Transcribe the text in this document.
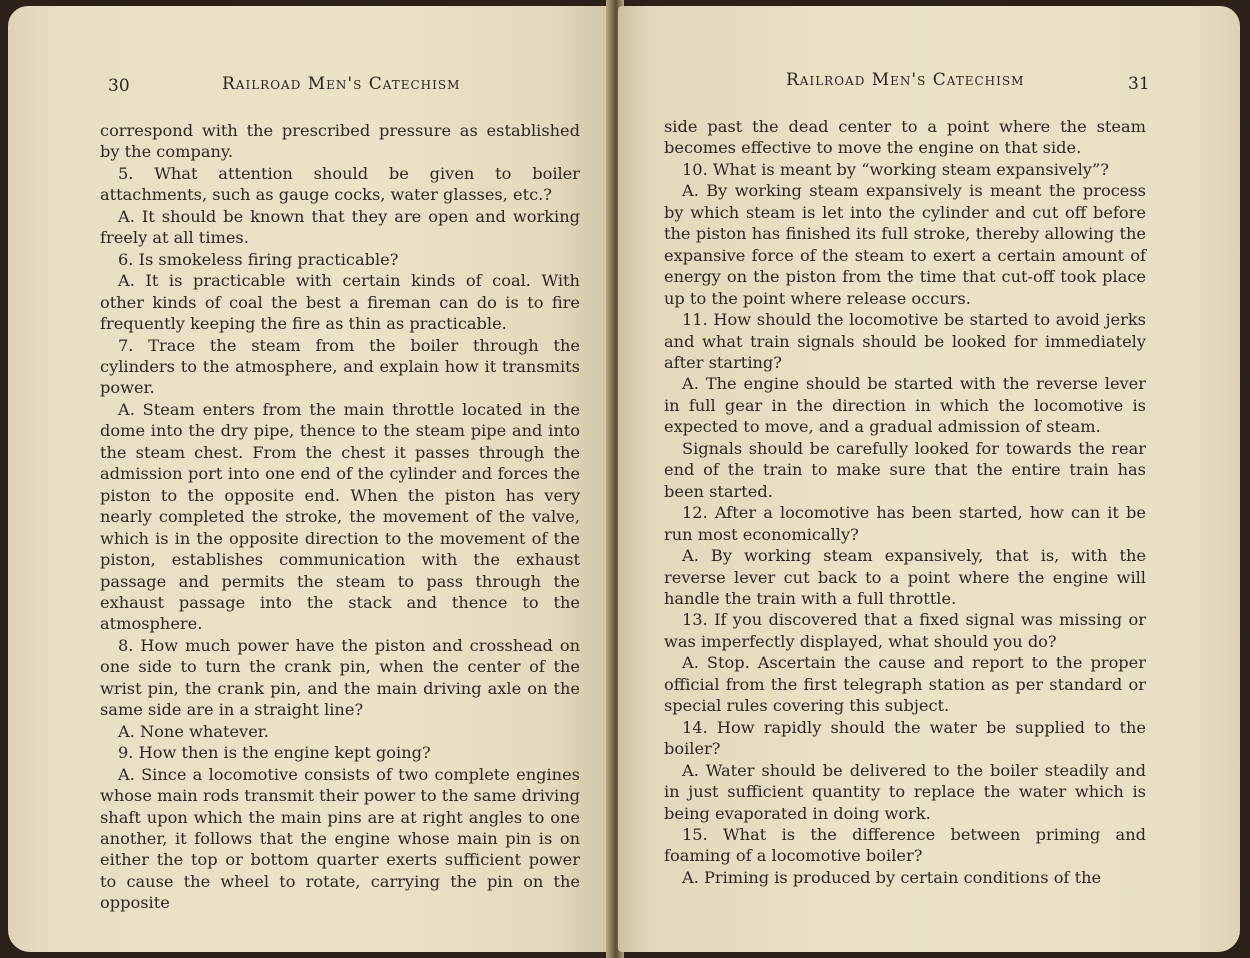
30	Railroad Men's Catechism

correspond with the prescribed pressure as established by the company.

5. What attention should be given to boiler attachments, such as gauge cocks, water glasses, etc.?

A. It should be known that they are open and working freely at all times.

6. Is smokeless firing practicable?

A. It is practicable with certain kinds of coal. With other kinds of coal the best a fireman can do is to fire frequently keeping the fire as thin as practicable.

7. Trace the steam from the boiler through the cylinders to the atmosphere, and explain how it transmits power.

A. Steam enters from the main throttle located in the dome into the dry pipe, thence to the steam pipe and into the steam chest. From the chest it passes through the admission port into one end of the cylinder and forces the piston to the opposite end. When the piston has very nearly completed the stroke, the movement of the valve, which is in the opposite direction to the movement of the piston, establishes communication with the exhaust passage and permits the steam to pass through the exhaust passage into the stack and thence to the atmosphere.

8. How much power have the piston and crosshead on one side to turn the crank pin, when the center of the wrist pin, the crank pin, and the main driving axle on the same side are in a straight line?

A. None whatever.

9. How then is the engine kept going?

A. Since a locomotive consists of two complete engines whose main rods transmit their power to the same driving shaft upon which the main pins are at right angles to one another, it follows that the engine whose main pin is on either the top or bottom quarter exerts sufficient power to cause the wheel to rotate, carrying the pin on the opposite

Railroad Men's Catechism	31

side past the dead center to a point where the steam becomes effective to move the engine on that side.

10. What is meant by “working steam expansively”?

A. By working steam expansively is meant the process by which steam is let into the cylinder and cut off before the piston has finished its full stroke, thereby allowing the expansive force of the steam to exert a certain amount of energy on the piston from the time that cut-off took place up to the point where release occurs.

11. How should the locomotive be started to avoid jerks and what train signals should be looked for immediately after starting?

A. The engine should be started with the reverse lever in full gear in the direction in which the locomotive is expected to move, and a gradual admission of steam.

Signals should be carefully looked for towards the rear end of the train to make sure that the entire train has been started.

12. After a locomotive has been started, how can it be run most economically?

A. By working steam expansively, that is, with the reverse lever cut back to a point where the engine will handle the train with a full throttle.

13. If you discovered that a fixed signal was missing or was imperfectly displayed, what should you do?

A. Stop. Ascertain the cause and report to the proper official from the first telegraph station as per standard or special rules covering this subject.

14. How rapidly should the water be supplied to the boiler?

A. Water should be delivered to the boiler steadily and in just sufficient quantity to replace the water which is being evaporated in doing work.

15. What is the difference between priming and foaming of a locomotive boiler?

A. Priming is produced by certain conditions of the
